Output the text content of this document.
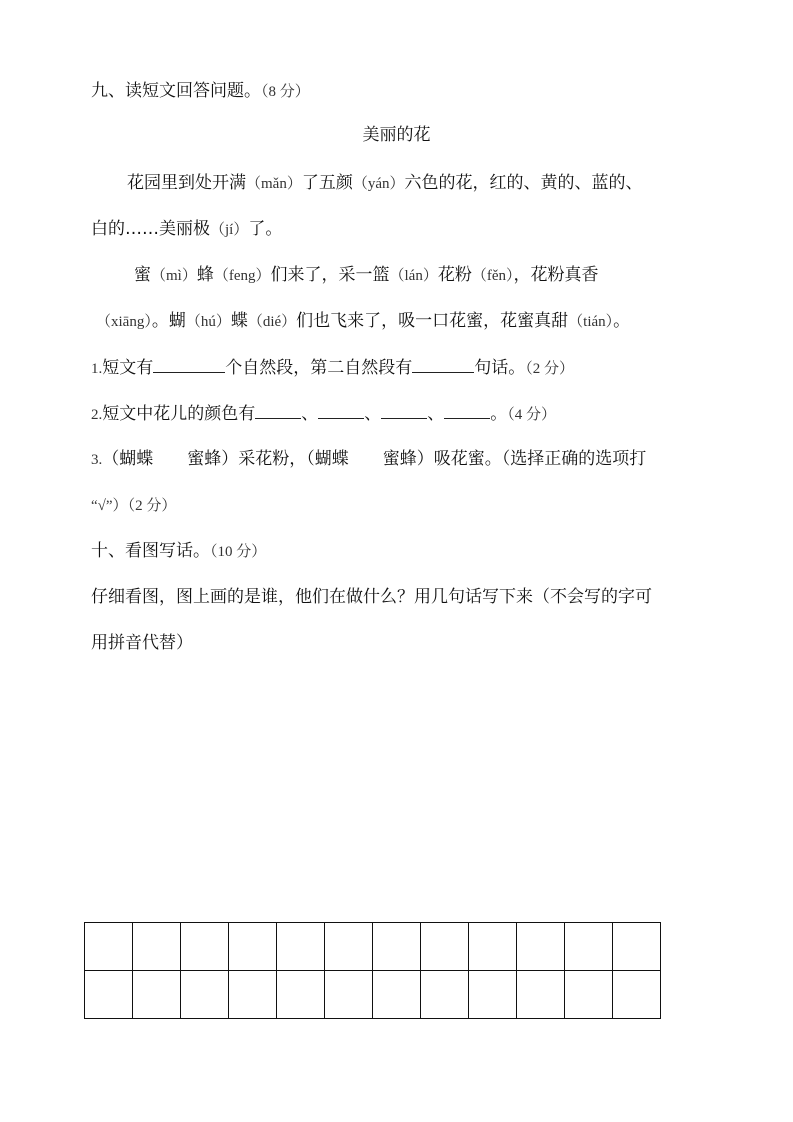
九、读短文回答问题。（8 分）
美丽的花
花园里到处开满（mǎn）了五颜（yán）六色的花，红的、黄的、蓝的、
白的……美丽极（jí）了。
蜜（mì）蜂（feng）们来了，采一篮（lán）花粉（fěn），花粉真香
（xiāng）。蝴（hú）蝶（dié）们也飞来了，吸一口花蜜，花蜜真甜（tián）。
1.短文有	个自然段，第二自然段有	句话。（2 分）
2.短文中花儿的颜色有	、	、	、	。（4 分）
3.（蝴蝶　　蜜蜂）采花粉，（蝴蝶　　蜜蜂）吸花蜜。（选择正确的选项打
“√”）（2 分）
十、看图写话。（10 分）
仔细看图，图上画的是谁，他们在做什么？用几句话写下来（不会写的字可
用拼音代替）
